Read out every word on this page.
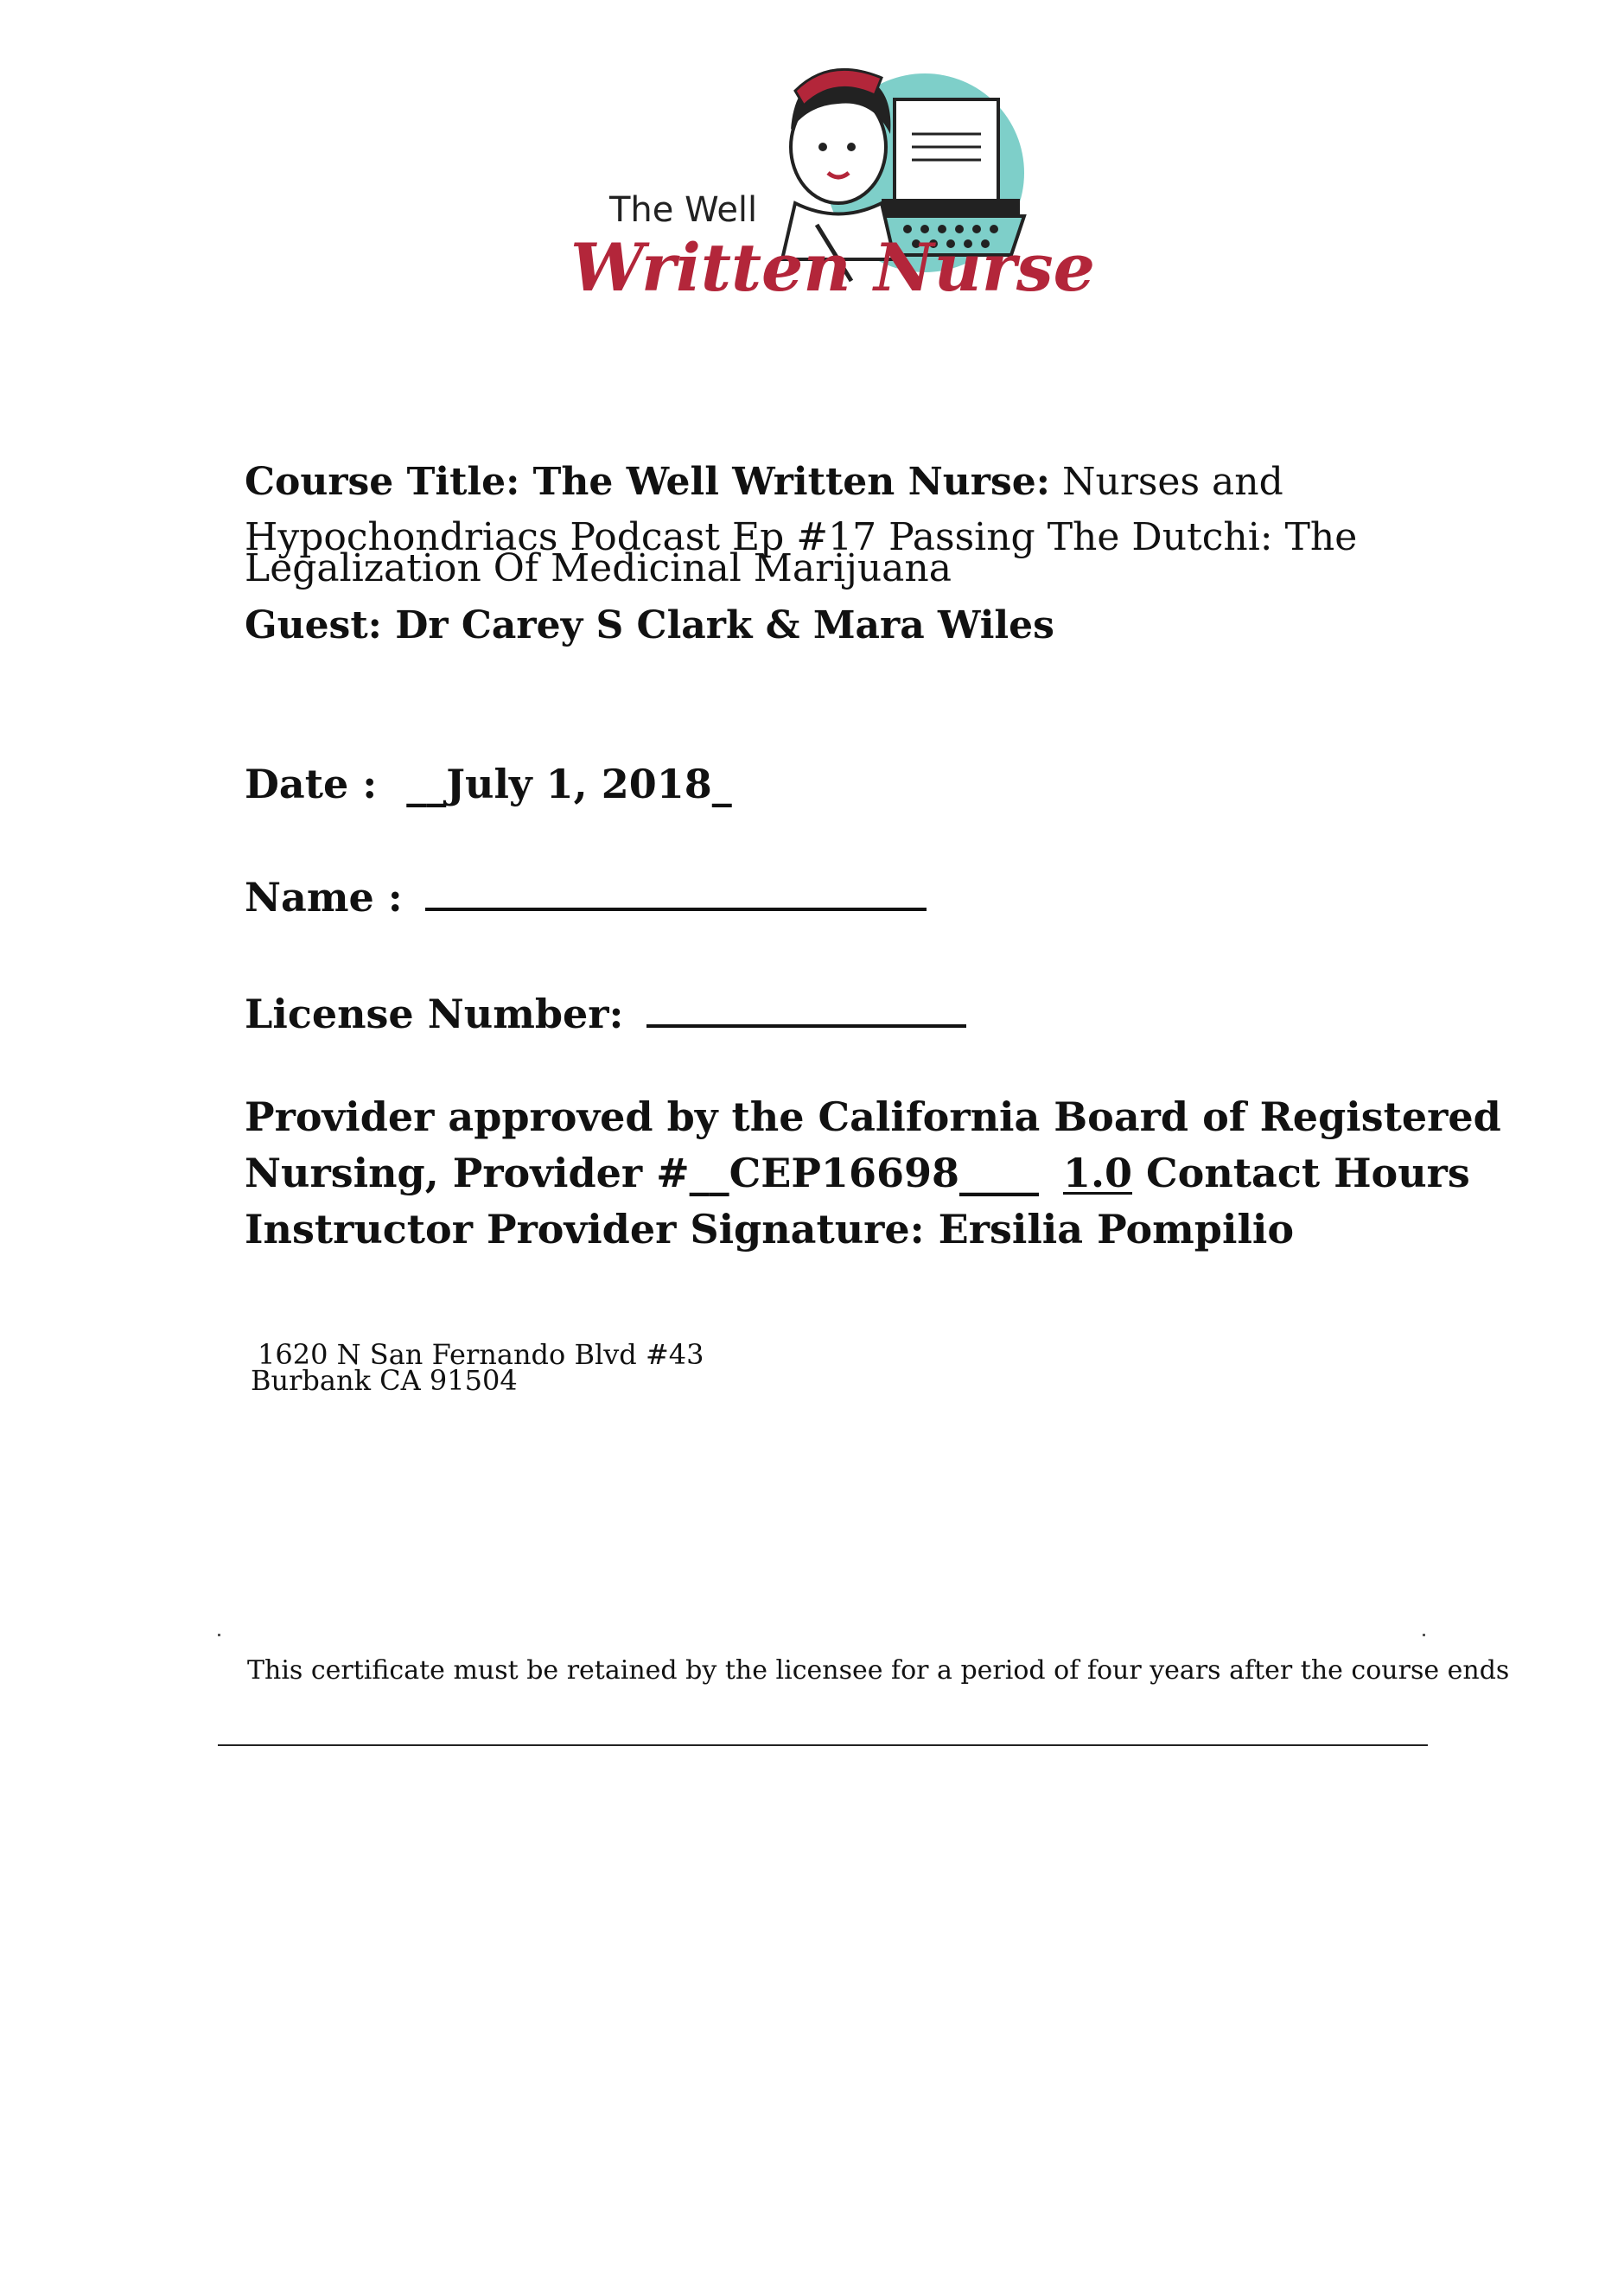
The Well
Written Nurse
Course Title: The Well Written Nurse: Nurses and
Hypochondriacs Podcast Ep #17 Passing The Dutchi: The
Legalization Of Medicinal Marijuana
Guest: Dr Carey S Clark & Mara Wiles
Date : __July 1, 2018_
Name :
License Number:
Provider approved by the California Board of Registered
Nursing, Provider #__CEP16698____ 1.0 Contact Hours
Instructor Provider Signature: Ersilia Pompilio
1620 N San Fernando Blvd #43
Burbank CA 91504
This certificate must be retained by the licensee for a period of four years after the course ends
